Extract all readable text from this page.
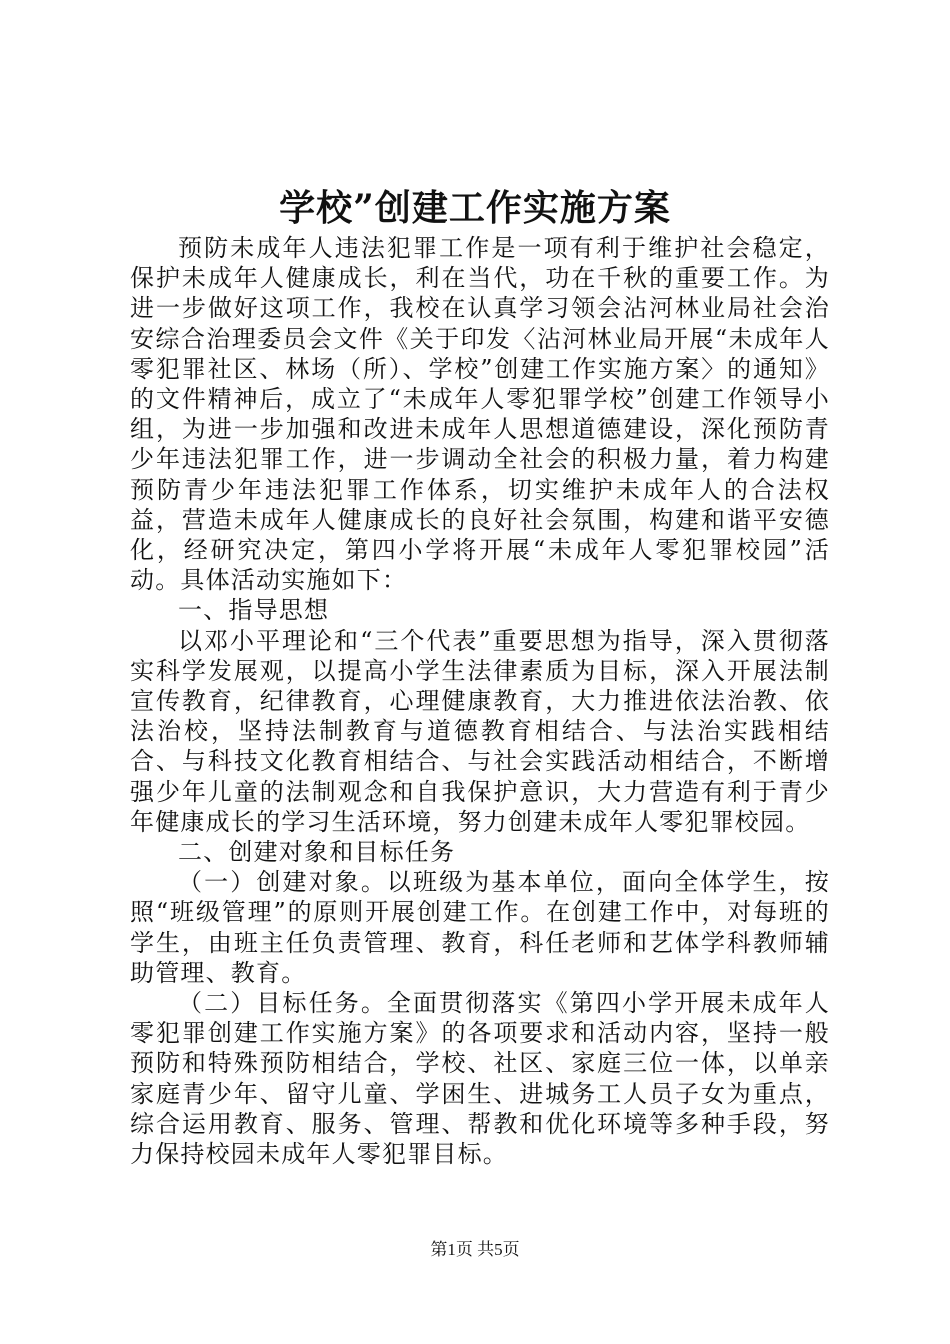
学校”创建工作实施方案

预防未成年人违法犯罪工作是一项有利于维护社会稳定，保护未成年人健康成长，利在当代，功在千秋的重要工作。为进一步做好这项工作，我校在认真学习领会沾河林业局社会治安综合治理委员会文件《关于印发〈沾河林业局开展“未成年人零犯罪社区、林场（所）、学校”创建工作实施方案〉的通知》的文件精神后，成立了“未成年人零犯罪学校”创建工作领导小组，为进一步加强和改进未成年人思想道德建设，深化预防青少年违法犯罪工作，进一步调动全社会的积极力量，着力构建预防青少年违法犯罪工作体系，切实维护未成年人的合法权益，营造未成年人健康成长的良好社会氛围，构建和谐平安德化，经研究决定，第四小学将开展“未成年人零犯罪校园”活动。具体活动实施如下：

一、指导思想

以邓小平理论和“三个代表”重要思想为指导，深入贯彻落实科学发展观，以提高小学生法律素质为目标，深入开展法制宣传教育，纪律教育，心理健康教育，大力推进依法治教、依法治校，坚持法制教育与道德教育相结合、与法治实践相结合、与科技文化教育相结合、与社会实践活动相结合，不断增强少年儿童的法制观念和自我保护意识，大力营造有利于青少年健康成长的学习生活环境，努力创建未成年人零犯罪校园。

二、创建对象和目标任务

（一）创建对象。以班级为基本单位，面向全体学生，按照“班级管理”的原则开展创建工作。在创建工作中，对每班的学生，由班主任负责管理、教育，科任老师和艺体学科教师辅助管理、教育。

（二）目标任务。全面贯彻落实《第四小学开展未成年人零犯罪创建工作实施方案》的各项要求和活动内容，坚持一般预防和特殊预防相结合，学校、社区、家庭三位一体，以单亲家庭青少年、留守儿童、学困生、进城务工人员子女为重点，综合运用教育、服务、管理、帮教和优化环境等多种手段，努力保持校园未成年人零犯罪目标。

第1页 共5页
